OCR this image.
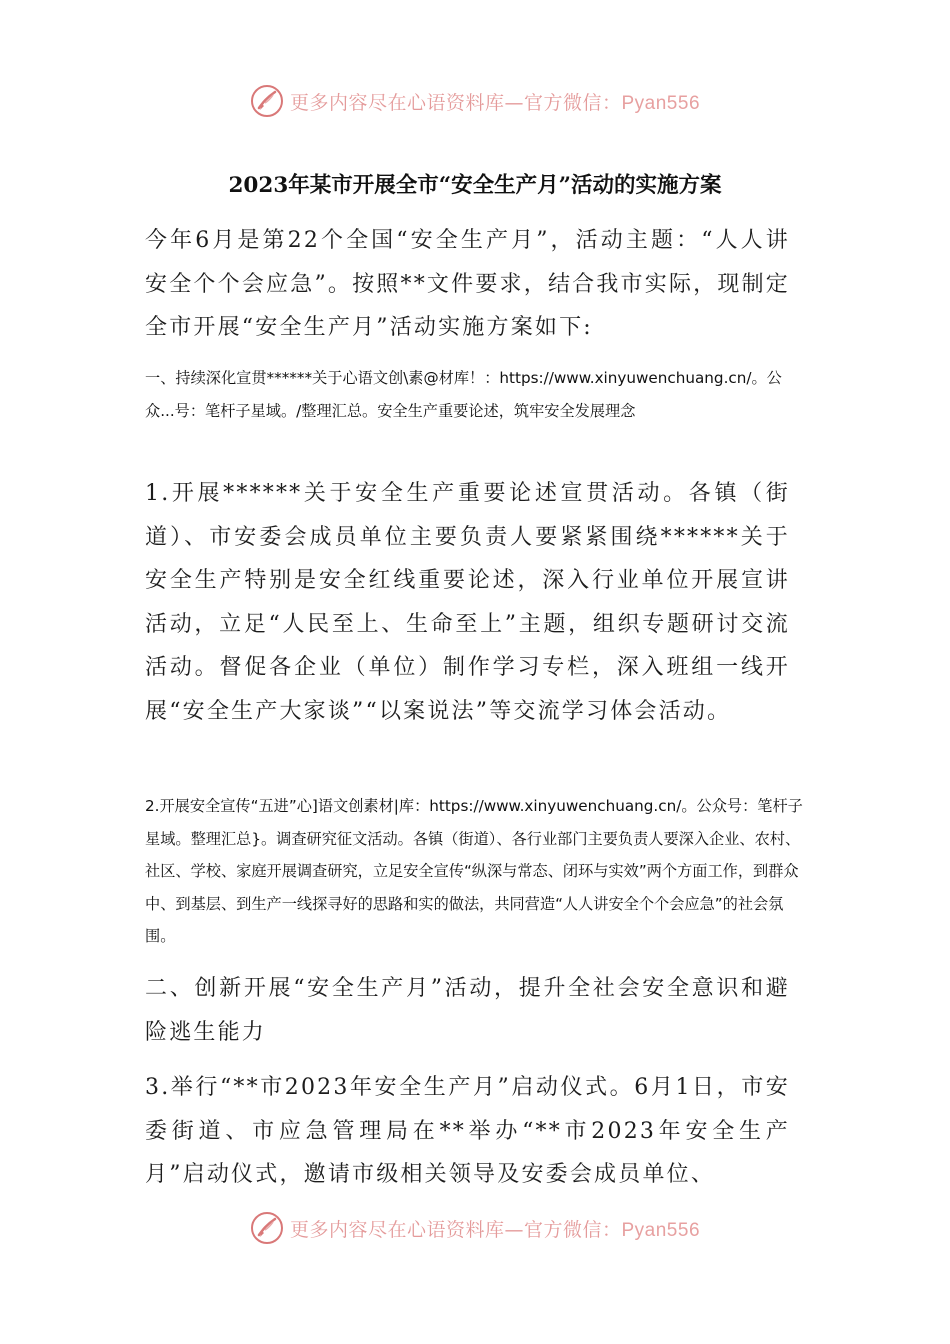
更多内容尽在心语资料库—官方微信：Pyan556
2023年某市开展全市“安全生产月”活动的实施方案
今年6月是第22个全国“安全生产月”，活动主题：“人人讲安全个个会应急”。按照**文件要求，结合我市实际，现制定全市开展“安全生产月”活动实施方案如下:
一、持续深化宣贯******关于心语文创\素@材库！：https://www.xinyuwenchuang.cn/。公众...号：笔杆子星域。/整理汇总。安全生产重要论述，筑牢安全发展理念
1.开展******关于安全生产重要论述宣贯活动。各镇（街道）、市安委会成员单位主要负责人要紧紧围绕******关于安全生产特别是安全红线重要论述，深入行业单位开展宣讲活动，立足“人民至上、生命至上”主题，组织专题研讨交流活动。督促各企业（单位）制作学习专栏，深入班组一线开展“安全生产大家谈”“以案说法”等交流学习体会活动。
2.开展安全宣传“五进”心]语文创素材|库：https://www.xinyuwenchuang.cn/。公众号：笔杆子星域。整理汇总}。调查研究征文活动。各镇（街道）、各行业部门主要负责人要深入企业、农村、社区、学校、家庭开展调查研究，立足安全宣传“纵深与常态、闭环与实效”两个方面工作，到群众中、到基层、到生产一线探寻好的思路和实的做法，共同营造“人人讲安全个个会应急”的社会氛围。
二、创新开展“安全生产月”活动，提升全社会安全意识和避险逃生能力
3.举行“**市2023年安全生产月”启动仪式。6月1日，市安委街道、市应急管理局在**举办“**市2023年安全生产月”启动仪式，邀请市级相关领导及安委会成员单位、
更多内容尽在心语资料库—官方微信：Pyan556
